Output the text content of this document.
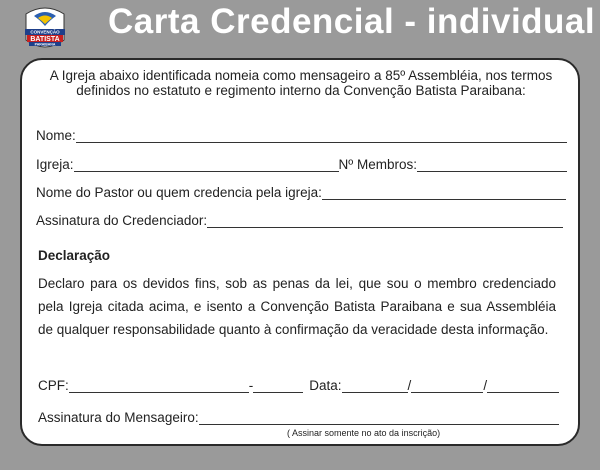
CONVENÇÃO
BATISTA
PARAIBANA
Carta Credencial - individual
A Igreja abaixo identificada nomeia como mensageiro a 85º Assembléia, nos termos definidos no estatuto e regimento interno da Convenção Batista Paraibana:
Nome:
Igreja:	Nº Membros:
Nome do Pastor ou quem credencia pela igreja:
Assinatura do Credenciador:
Declaração
Declaro para os devidos fins, sob as penas da lei, que sou o membro credenciado pela Igreja citada acima, e isento a Convenção Batista Paraibana e sua Assembléia de qualquer responsabilidade quanto à confirmação da veracidade desta informação.
CPF:	-	Data:	/	/
Assinatura do Mensageiro:
( Assinar somente no ato da inscrição)
